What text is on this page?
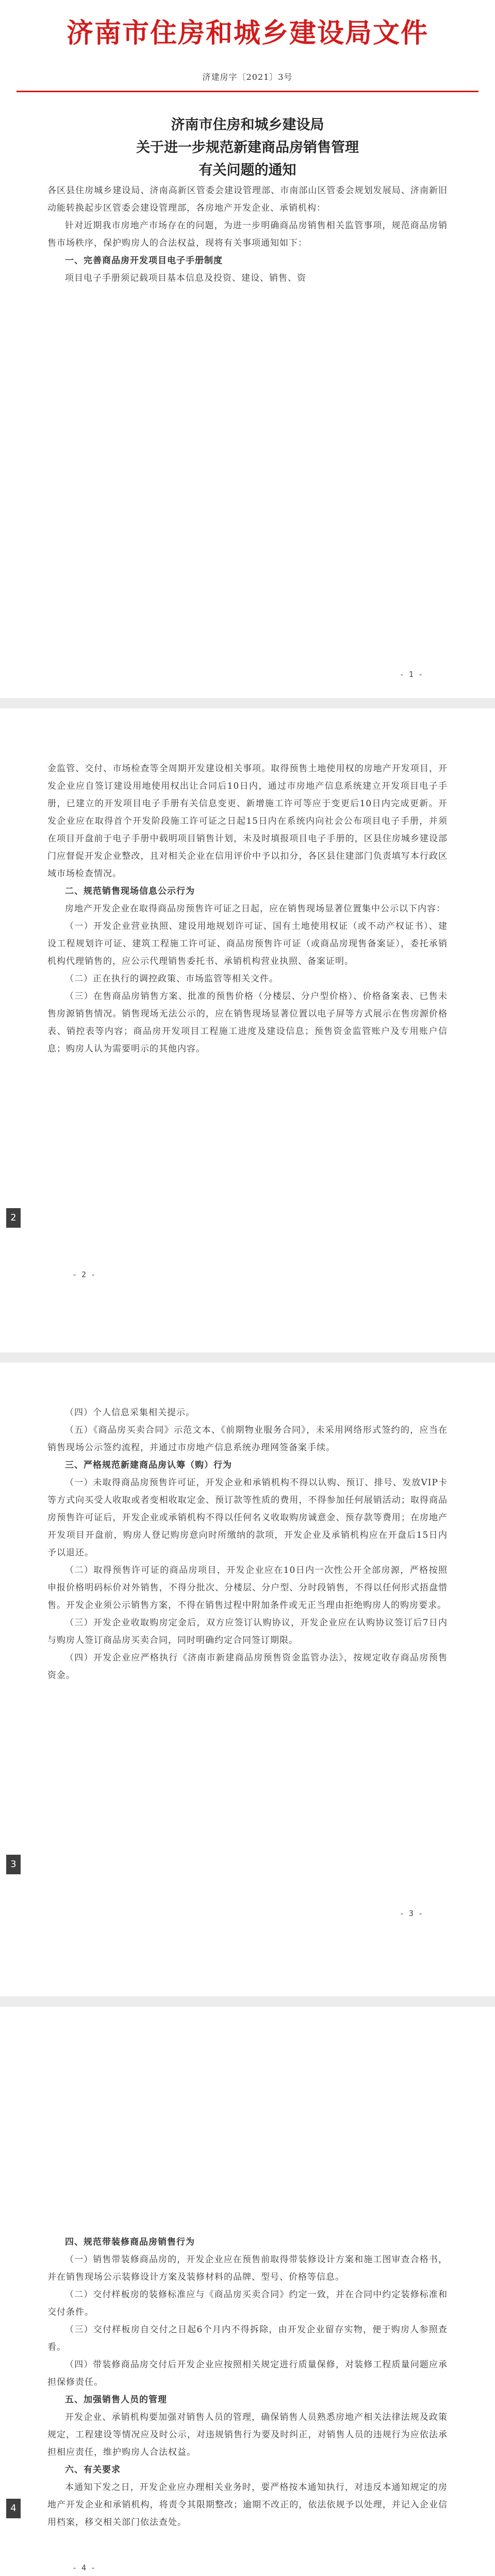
济南市住房和城乡建设局文件
济建房字〔2021〕3号
济南市住房和城乡建设局
关于进一步规范新建商品房销售管理
有关问题的通知

各区县住房城乡建设局、济南高新区管委会建设管理部、市南部山区管委会规划发展局、济南新旧动能转换起步区管委会建设管理部，各房地产开发企业、承销机构：

针对近期我市房地产市场存在的问题，为进一步明确商品房销售相关监管事项，规范商品房销售市场秩序，保护购房人的合法权益，现将有关事项通知如下：

一、完善商品房开发项目电子手册制度

项目电子手册须记载项目基本信息及投资、建设、销售、资

- 1 -

金监管、交付、市场检查等全周期开发建设相关事项。取得预售土地使用权的房地产开发项目，开发企业应自签订建设用地使用权出让合同后10日内，通过市房地产信息系统建立开发项目电子手册，已建立的开发项目电子手册有关信息变更、新增施工许可等应于变更后10日内完成更新。开发企业应在取得首个开发阶段施工许可证之日起15日内在系统内向社会公布项目电子手册，并须在项目开盘前于电子手册中载明项目销售计划，未及时填报项目电子手册的，区县住房城乡建设部门应督促开发企业整改，且对相关企业在信用评价中予以扣分，各区县住建部门负责填写本行政区域市场检查情况。

二、规范销售现场信息公示行为

房地产开发企业在取得商品房预售许可证之日起，应在销售现场显著位置集中公示以下内容：

（一）开发企业营业执照、建设用地规划许可证、国有土地使用权证（或不动产权证书）、建设工程规划许可证、建筑工程施工许可证、商品房预售许可证（或商品房现售备案证），委托承销机构代理销售的，应公示代理销售委托书、承销机构营业执照、备案证明。

（二）正在执行的调控政策、市场监管等相关文件。

（三）在售商品房销售方案、批准的预售价格（分楼层、分户型价格）、价格备案表、已售未售房源销售情况。销售现场无法公示的，应在销售现场显著位置以电子屏等方式展示在售房源价格表、销控表等内容；商品房开发项目工程施工进度及建设信息；预售资金监管账户及专用账户信息；购房人认为需要明示的其他内容。

- 2 -
2

（四）个人信息采集相关提示。

（五）《商品房买卖合同》示范文本、《前期物业服务合同》，未采用网络形式签约的，应当在销售现场公示签约流程，并通过市房地产信息系统办理网签备案手续。

三、严格规范新建商品房认筹（购）行为

（一）未取得商品房预售许可证，开发企业和承销机构不得以认购、预订、排号、发放VIP卡等方式向买受人收取或者变相收取定金、预订款等性质的费用，不得参加任何展销活动；取得商品房预售许可证后，开发企业或承销机构不得以任何名义收取购房诚意金、预存款等费用；在房地产开发项目开盘前，购房人登记购房意向时所缴纳的款项，开发企业及承销机构应在开盘后15日内予以退还。

（二）取得预售许可证的商品房项目，开发企业应在10日内一次性公开全部房源，严格按照申报价格明码标价对外销售，不得分批次、分楼层、分户型、分时段销售，不得以任何形式捂盘惜售。开发企业须公示销售方案，不得在销售过程中附加条件或无正当理由拒绝购房人的购房要求。

（三）开发企业收取购房定金后，双方应签订认购协议，开发企业应在认购协议签订后7日内与购房人签订商品房买卖合同，同时明确约定合同签订期限。

（四）开发企业应严格执行《济南市新建商品房预售资金监管办法》，按规定收存商品房预售资金。

- 3 -
3
四、规范带装修商品房销售行为

（一）销售带装修商品房的，开发企业应在预售前取得带装修设计方案和施工图审查合格书，并在销售现场公示装修设计方案及装修材料的品牌、型号、价格等信息。

（二）交付样板房的装修标准应与《商品房买卖合同》约定一致，并在合同中约定装修标准和交付条件。

（三）交付样板房自交付之日起6个月内不得拆除，由开发企业留存实物，便于购房人参照查看。

（四）带装修商品房交付后开发企业应按照相关规定进行质量保修，对装修工程质量问题应承担保修责任。

五、加强销售人员的管理

开发企业、承销机构要加强对销售人员的管理，确保销售人员熟悉房地产相关法律法规及政策规定，工程建设等情况应及时公示，对违规销售行为要及时纠正，对销售人员的违规行为应依法承担相应责任，维护购房人合法权益。

六、有关要求

本通知下发之日，开发企业应办理相关业务时，要严格按本通知执行，对违反本通知规定的房地产开发企业和承销机构，将责令其限期整改；逾期不改正的，依法依规予以处理，并记入企业信用档案，移交相关部门依法查处。

- 4 -
4
